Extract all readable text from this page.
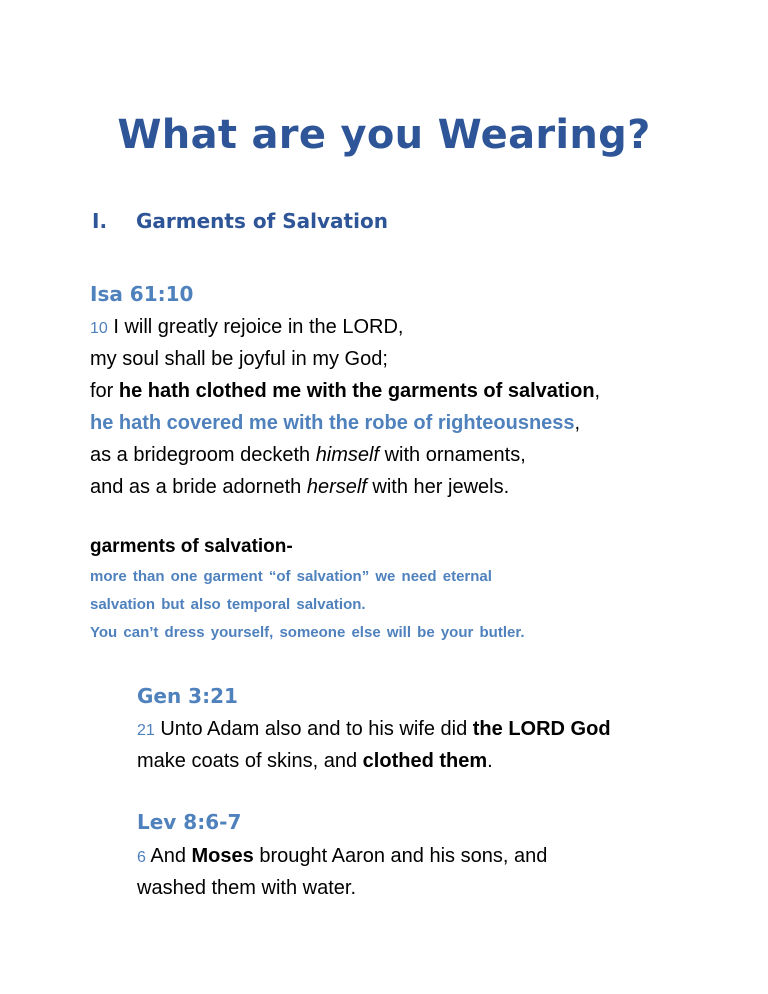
What are you Wearing?
I. Garments of Salvation
Isa 61:10
10 I will greatly rejoice in the LORD,
my soul shall be joyful in my God;
for he hath clothed me with the garments of salvation,
he hath covered me with the robe of righteousness,
as a bridegroom decketh himself with ornaments,
and as a bride adorneth herself with her jewels.
garments of salvation-
more than one garment “of salvation” we need eternal
salvation but also temporal salvation.
You can’t dress yourself, someone else will be your butler.
Gen 3:21
21 Unto Adam also and to his wife did the LORD God
make coats of skins, and clothed them.
Lev 8:6-7
6 And Moses brought Aaron and his sons, and
washed them with water.
